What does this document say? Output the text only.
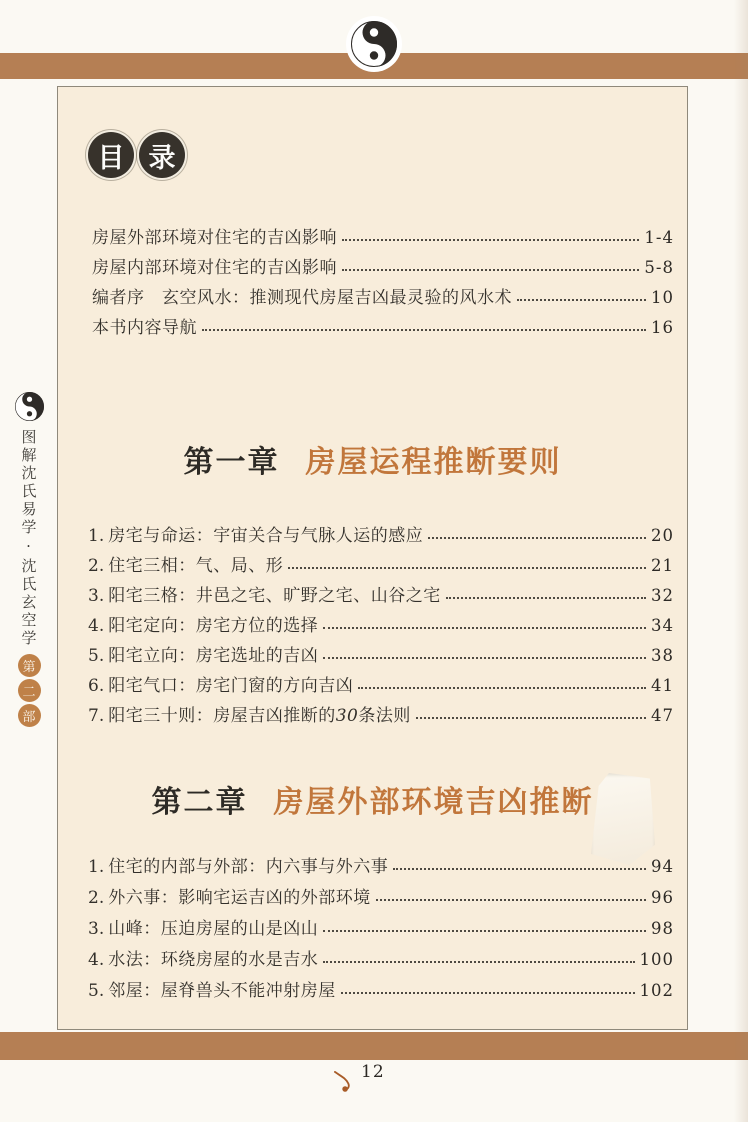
图解沈氏易学·沈氏玄空学
第
二
部
目 录
房屋外部环境对住宅的吉凶影响	1-4
房屋内部环境对住宅的吉凶影响	5-8
编者序　玄空风水：推测现代房屋吉凶最灵验的风水术	10
本书内容导航	16
第一章 房屋运程推断要则
1. 房宅与命运：宇宙关合与气脉人运的感应	20
2. 住宅三相：气、局、形	21
3. 阳宅三格：井邑之宅、旷野之宅、山谷之宅	32
4. 阳宅定向：房宅方位的选择	34
5. 阳宅立向：房宅选址的吉凶	38
6. 阳宅气口：房宅门窗的方向吉凶	41
7. 阳宅三十则：房屋吉凶推断的30条法则	47
第二章 房屋外部环境吉凶推断
1. 住宅的内部与外部：内六事与外六事	94
2. 外六事：影响宅运吉凶的外部环境	96
3. 山峰：压迫房屋的山是凶山	98
4. 水法：环绕房屋的水是吉水	100
5. 邻屋：屋脊兽头不能冲射房屋	102
12
